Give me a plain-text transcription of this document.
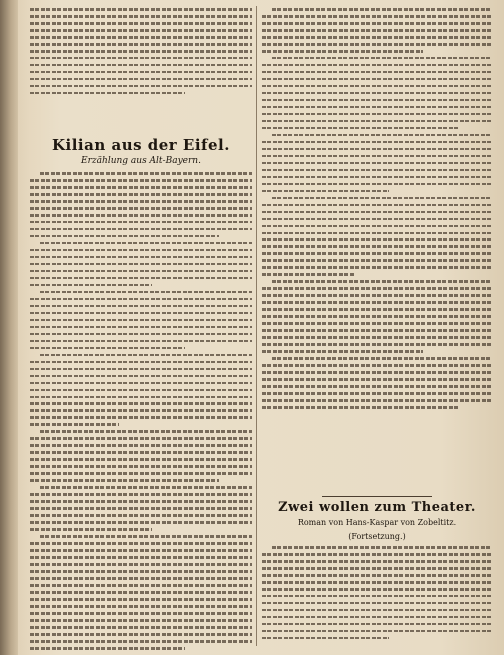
Kilian aus der Eifel.
Erzählung aus Alt-Bayern.
Zwei wollen zum Theater.
Roman von Hans-Kaspar von Zobeltitz.
(Fortsetzung.)
